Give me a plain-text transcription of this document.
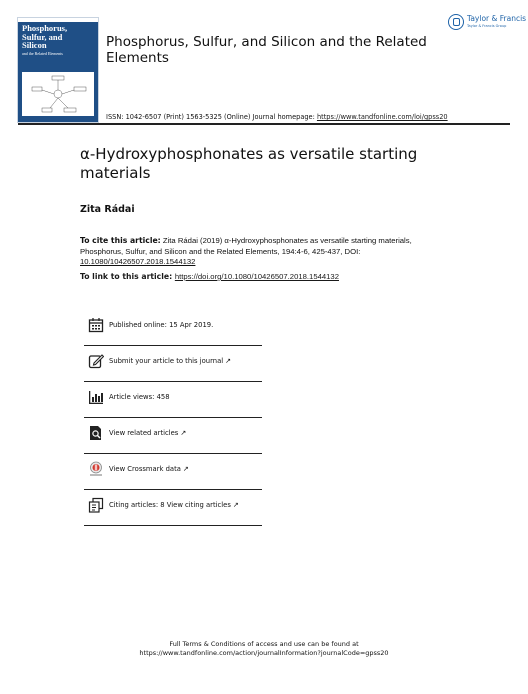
Phosphorus,
Sulfur, and
Silicon
and the Related Elements
Phosphorus, Sulfur, and Silicon and the Related Elements
Taylor & Francis
Taylor & Francis Group
ISSN: 1042-6507 (Print) 1563-5325 (Online) Journal homepage: https://www.tandfonline.com/loi/gpss20
α-Hydroxyphosphonates as versatile starting materials
Zita Rádai
To cite this article: Zita Rádai (2019) α-Hydroxyphosphonates as versatile starting materials, Phosphorus, Sulfur, and Silicon and the Related Elements, 194:4-6, 425-437, DOI: 10.1080/10426507.2018.1544132
To link to this article: https://doi.org/10.1080/10426507.2018.1544132
Published online: 15 Apr 2019.
Submit your article to this journal ↗
Article views: 458
View related articles ↗
View Crossmark data ↗
Citing articles: 8 View citing articles ↗
Full Terms & Conditions of access and use can be found at
https://www.tandfonline.com/action/journalInformation?journalCode=gpss20
